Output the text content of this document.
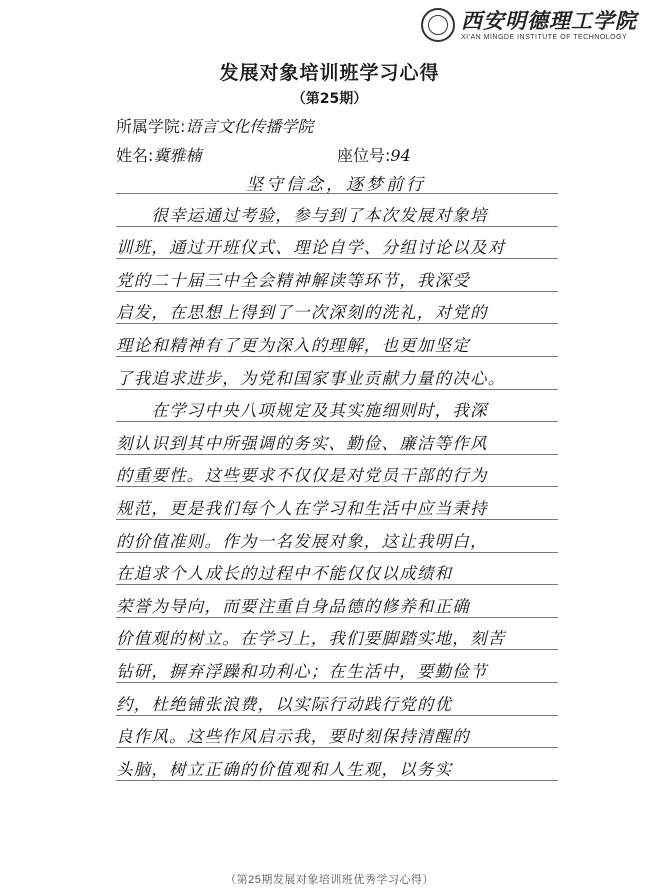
西安明德理工学院
XI'AN MINGDE INSTITUTE OF TECHNOLOGY
发展对象培训班学习心得
（第25期）
所属学院:语言文化传播学院
姓名:冀雅楠	座位号:94
坚守信念，逐梦前行
　　很幸运通过考验，参与到了本次发展对象培
训班，通过开班仪式、理论自学、分组讨论以及对
党的二十届三中全会精神解读等环节，我深受
启发，在思想上得到了一次深刻的洗礼，对党的
理论和精神有了更为深入的理解，也更加坚定
了我追求进步，为党和国家事业贡献力量的决心。
　　在学习中央八项规定及其实施细则时，我深
刻认识到其中所强调的务实、勤俭、廉洁等作风
的重要性。这些要求不仅仅是对党员干部的行为
规范，更是我们每个人在学习和生活中应当秉持
的价值准则。作为一名发展对象，这让我明白，
在追求个人成长的过程中不能仅仅以成绩和
荣誉为导向，而要注重自身品德的修养和正确
价值观的树立。在学习上，我们要脚踏实地，刻苦
钻研，摒弃浮躁和功利心；在生活中，要勤俭节
约，杜绝铺张浪费，以实际行动践行党的优
良作风。这些作风启示我，要时刻保持清醒的
头脑，树立正确的价值观和人生观，以务实
（第25期发展对象培训班优秀学习心得）
